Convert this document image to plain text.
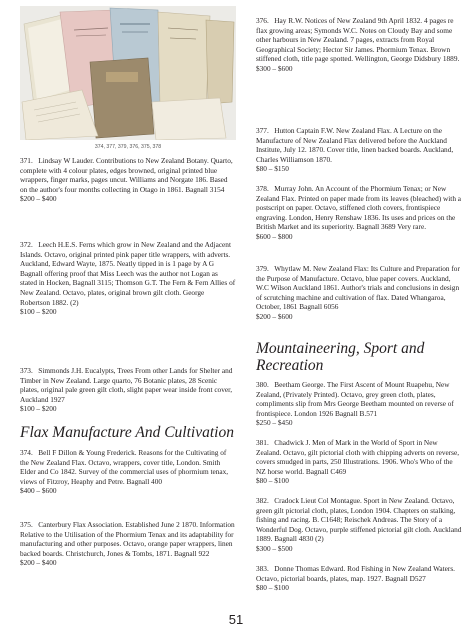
374, 377, 379, 376, 375, 378
371. Lindsay W Lauder. Contributions to New Zealand Botany. Quarto, complete with 4 colour plates, edges browned, original printed blue wrappers, finger marks, pages uncut. Williams and Norgate 186. Based on the author's four months collecting in Otago in 1861. Bagnall 3154
$200 – $400
372. Leech H.E.S. Ferns which grow in New Zealand and the Adjacent Islands. Octavo, original printed pink paper title wrappers, with adverts. Auckland, Edward Wayte, 1875. Neatly tipped in is 1 page by A G Bagnall offering proof that Miss Leech was the author not Logan as stated in Hocken, Bagnall 3115; Thomson G.T. The Fern & Fern Allies of New Zealand. Octavo, plates, original brown gilt cloth. George Robertson 1882. (2)
$100 – $200
373. Simmonds J.H. Eucalypts, Trees From other Lands for Shelter and Timber in New Zealand. Large quarto, 76 Botanic plates, 28 Scenic plates, original pale green gilt cloth, slight paper wear inside front cover, Auckland 1927
$100 – $200
Flax Manufacture And Cultivation
374. Bell F Dillon & Young Frederick. Reasons for the Cultivating of the New Zealand Flax. Octavo, wrappers, cover title, London. Smith Elder and Co 1842. Survey of the commercial uses of phormium tenax, views of Fitzroy, Heaphy and Petre. Bagnall 400
$400 – $600
375. Canterbury Flax Association. Established June 2 1870. Information Relative to the Utilisation of the Phormium Tenax and its adaptability for manufacturing and other purposes. Octavo, orange paper wrappers, linen backed boards. Christchurch, Jones & Tombs, 1871. Bagnall 922
$200 – $400
376. Hay R.W. Notices of New Zealand 9th April 1832. 4 pages re flax growing areas; Symonds W.C. Notes on Cloudy Bay and some other harbours in New Zealand. 7 pages, extracts from Royal Geographical Society; Hector Sir James. Phormium Tenax. Brown stiffened cloth, title page spotted. Wellington, George Didsbury 1889.
$300 – $600
377. Hutton Captain F.W. New Zealand Flax. A Lecture on the Manufacture of New Zealand Flax delivered before the Auckland Institute, July 12. 1870. Cover title, linen backed boards. Auckland, Charles Williamson 1870.
$80 – $150
378. Murray John. An Account of the Phormium Tenax; or New Zealand Flax. Printed on paper made from its leaves (bleached) with a postscript on paper. Octavo, stiffened cloth covers, frontispiece engraving. London, Henry Renshaw 1836. Its uses and prices on the British Market and its superiority. Bagnall 3689 Very rare.
$600 – $800
379. Whytlaw M. New Zealand Flax: Its Culture and Preparation for the Purpose of Manufacture. Octavo, blue paper covers. Auckland, W.C Wilson Auckland 1861. Author's trials and conclusions in design of scrutching machine and cultivation of flax. Dated Whangaroa, October, 1861 Bagnall 6056
$200 – $600
Mountaineering, Sport and Recreation
380. Beetham George. The First Ascent of Mount Ruapehu, New Zealand, (Privately Printed). Octavo, grey green cloth, plates, compliments slip from Mrs George Beetham mounted on reverse of frontispiece. London 1926 Bagnall B.571
$250 – $450
381. Chadwick J. Men of Mark in the World of Sport in New Zealand. Octavo, gilt pictorial cloth with chipping adverts on reverse, covers smudged in parts, 250 Illustrations. 1906. Who's Who of the NZ horse world. Bagnall C469
$80 – $100
382. Cradock Lieut Col Montague. Sport in New Zealand. Octavo, green gilt pictorial cloth, plates, London 1904. Chapters on stalking, fishing and racing. B. C1648; Reischek Andreas. The Story of a Wonderful Dog. Octavo, purple stiffened pictorial gilt cloth. Auckland 1889. Bagnall 4830 (2)
$300 – $500
383. Donne Thomas Edward. Rod Fishing in New Zealand Waters. Octavo, pictorial boards, plates, map. 1927. Bagnall D527
$80 – $100
51
